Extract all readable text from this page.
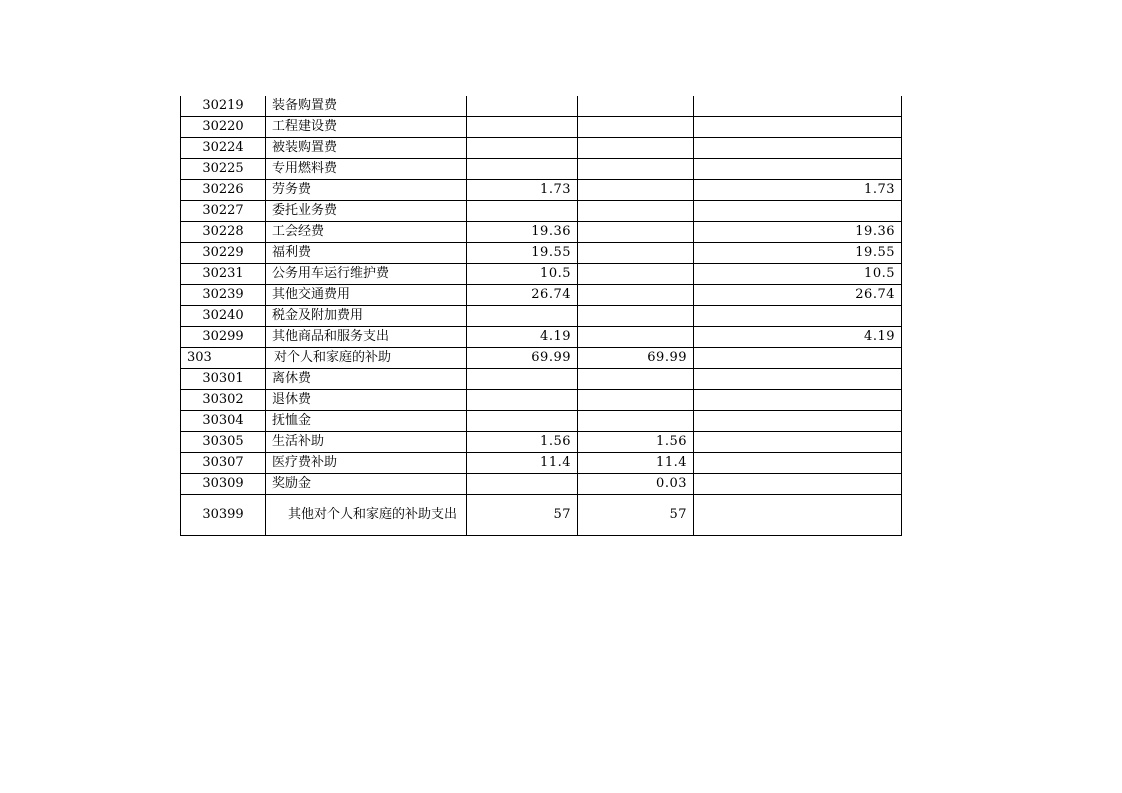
30219	装备购置费			
30220	工程建设费			
30224	被装购置费			
30225	专用燃料费			
30226	劳务费	1.73		1.73
30227	委托业务费			
30228	工会经费	19.36		19.36
30229	福利费	19.55		19.55
30231	公务用车运行维护费	10.5		10.5
30239	其他交通费用	26.74		26.74
30240	税金及附加费用			
30299	其他商品和服务支出	4.19		4.19
303	对个人和家庭的补助	69.99	69.99	
30301	离休费			
30302	退休费			
30304	抚恤金			
30305	生活补助	1.56	1.56	
30307	医疗费补助	11.4	11.4	
30309	奖励金		0.03	
30399	其他对个人和家庭的补助支出	57	57	
